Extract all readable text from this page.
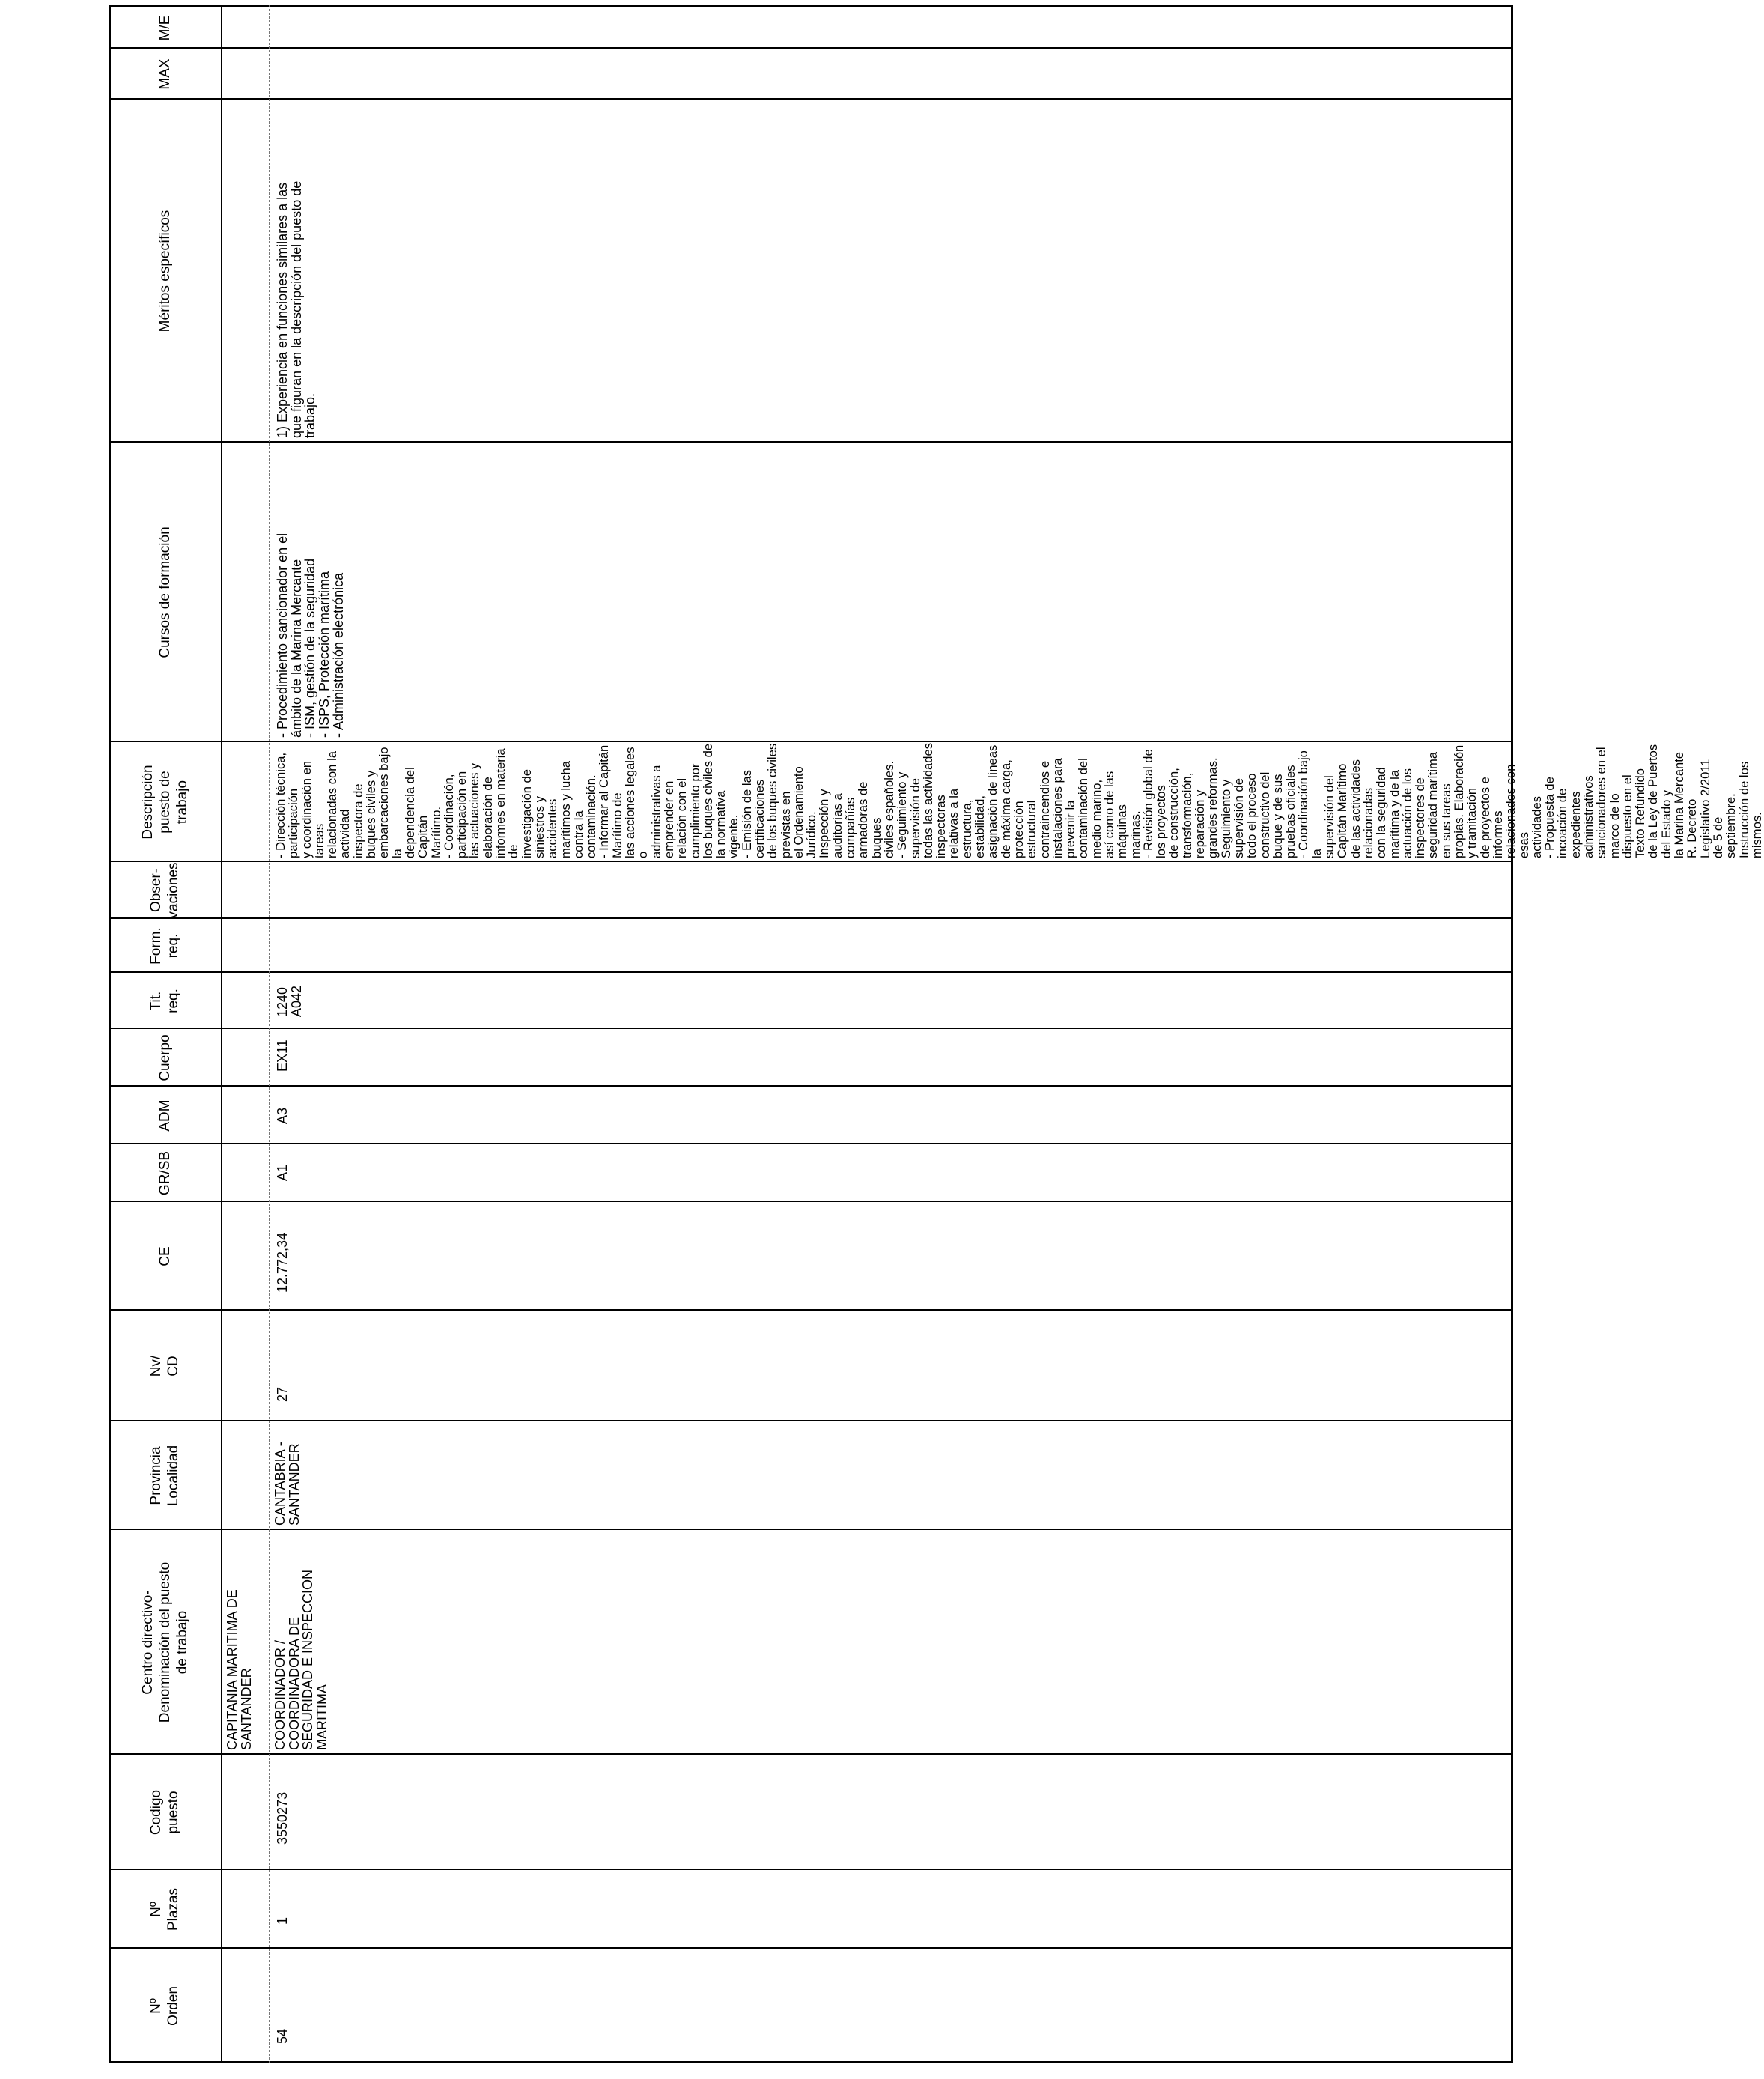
Nº
Orden
Nº
Plazas
Codigo
puesto
Centro directivo-
Denominación del puesto
de trabajo
Provincia
Localidad
Nv/
CD
CE
GR/SB
ADM
Cuerpo
Tit.
req.
Form.
req.
Obser-
vaciones
Descripción puesto de
trabajo
Cursos de formación
Méritos específicos
MAX
M/E
CAPITANIA MARITIMA DE
SANTANDER
54
1
3550273
COORDINADOR /
COORDINADORA DE
SEGURIDAD E INSPECCION
MARITIMA
CANTABRIA -
SANTANDER
27
12.772,34
A1
A3
EX11
1240
A042
- Dirección técnica, participación
y coordinación en tareas
relacionadas con la actividad
inspectora de buques civiles y
embarcaciones bajo la
dependencia del Capitán
Marítimo.
- Coordinación, participación en
las actuaciones y elaboración de
informes en materia de
investigación de siniestros y
accidentes marítimos y lucha
contra la contaminación.
- Informar al Capitán Marítimo de
las acciones legales o
administrativas a emprender en
relación con el cumplimiento por
los buques civiles de la normativa
vigente.
- Emisión de las certificaciones
de los buques civiles previstas en
el Ordenamiento Jurídico.
Inspección y auditorías a
compañías armadoras de buques
civiles españoles.
- Seguimiento y supervisión de
todas las actividades inspectoras
relativas a la estructura,
estabilidad, asignación de líneas
de máxima carga, protección
estructural contraincendios e
instalaciones para prevenir la
contaminación del medio marino,
así como de las máquinas
marinas.
- Revisión global de los proyectos
de construcción, transformación,
reparación y grandes reformas.
Seguimiento y supervisión de
todo el proceso constructivo del
buque y de sus pruebas oficiales
- Coordinación bajo la
supervisión del Capitán Marítimo
de las actividades relacionadas
con la seguridad marítima y de la
actuación de los inspectores de
seguridad marítima en sus tareas
propias. Elaboración y tramitación
de proyectos e informes
relacionados con esas
actividades
- Propuesta de incoación de
expedientes administrativos
sancionadores en el marco de lo
dispuesto en el Texto Refundido
de la Ley de Puertos del Estado y
la Marina Mercante R. Decreto
Legislativo 2/2011 de 5 de
septiembre. Instrucción de los
mismos.
- Procedimiento sancionador en el
ámbito de la Marina Mercante
- ISM, gestión de la seguridad
- ISPS, Protección marítima
- Administración electrónica
1) Experiencia en funciones similares a las
que figuran en la descripción del puesto de
trabajo.
